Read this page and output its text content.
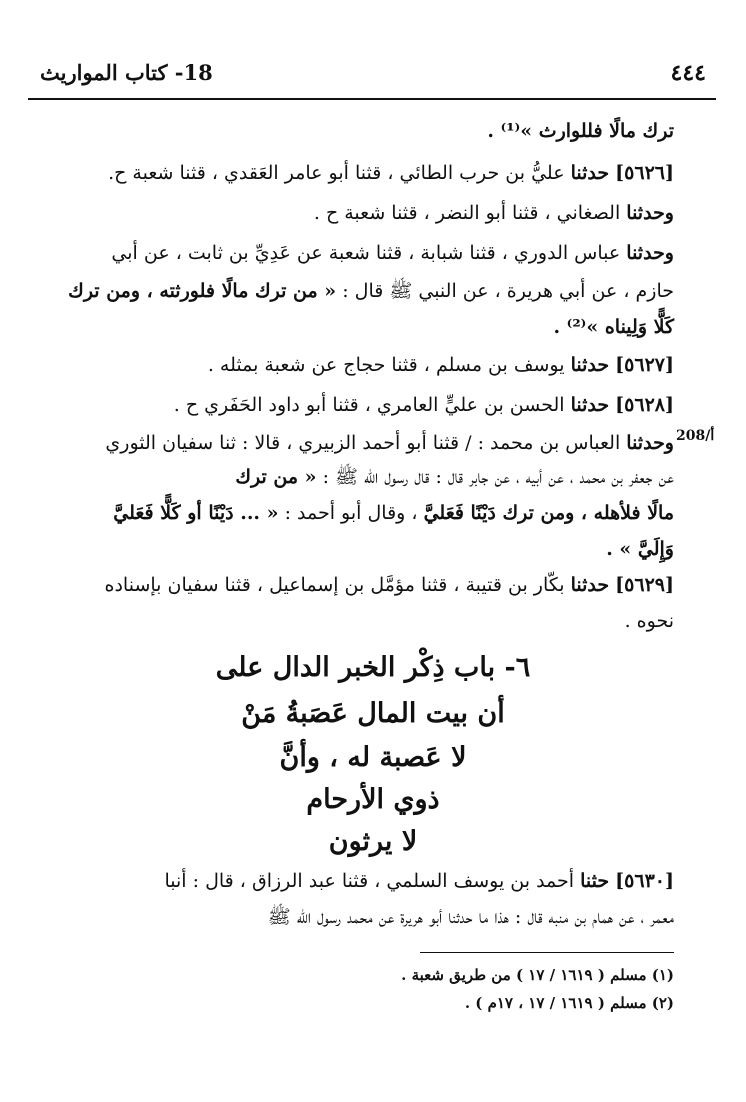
٤٤٤
18- كتاب المواريث
208/أ
ترك مالًا فللوارث »⁽¹⁾ .
[٥٦٢٦] حدثنا عليُّ بن حرب الطائي ، قثنا أبو عامر العَقدي ، قثنا شعبة ح.
وحدثنا الصغاني ، قثنا أبو النضر ، قثنا شعبة ح .
وحدثنا عباس الدوري ، قثنا شبابة ، قثنا شعبة عن عَدِيِّ بن ثابت ، عن أبي
حازم ، عن أبي هريرة ، عن النبي ﷺ قال : « من ترك مالًا فلورثته ، ومن ترك
كَلًّا وَلِيناه »⁽²⁾ .
[٥٦٢٧] حدثنا يوسف بن مسلم ، قثنا حجاج عن شعبة بمثله .
[٥٦٢٨] حدثنا الحسن بن عليٍّ العامري ، قثنا أبو داود الحَفَري ح .
وحدثنا العباس بن محمد : / قثنا أبو أحمد الزبيري ، قالا : ثنا سفيان الثوري
عن جعفر بن محمد ، عن أبيه ، عن جابر قال : قال رسول الله ﷺ : « من ترك
مالًا فلأهله ، ومن ترك دَيْنًا فَعَليَّ ، وقال أبو أحمد : « ... دَيْنًا أو كَلًّا فَعَليَّ
وَإِلَيَّ » .
[٥٦٢٩] حدثنا بكّار بن قتيبة ، قثنا مؤمَّل بن إسماعيل ، قثنا سفيان بإسناده
نحوه .
٦- باب ذِكْر الخبر الدال على
أن بيت المال عَصَبةُ مَنْ
لا عَصبة له ، وأنَّ
ذوي الأرحام
لا يرثون
[٥٦٣٠] حثنا أحمد بن يوسف السلمي ، قثنا عبد الرزاق ، قال : أنبا
معمر ، عن همام بن منبه قال : هذا ما حدثنا أبو هريرة عن محمد رسول الله ﷺ
(١) مسلم ( ١٦١٩ / ١٧ ) من طريق شعبة .
(٢) مسلم ( ١٦١٩ / ١٧ ، ١٧م ) .
